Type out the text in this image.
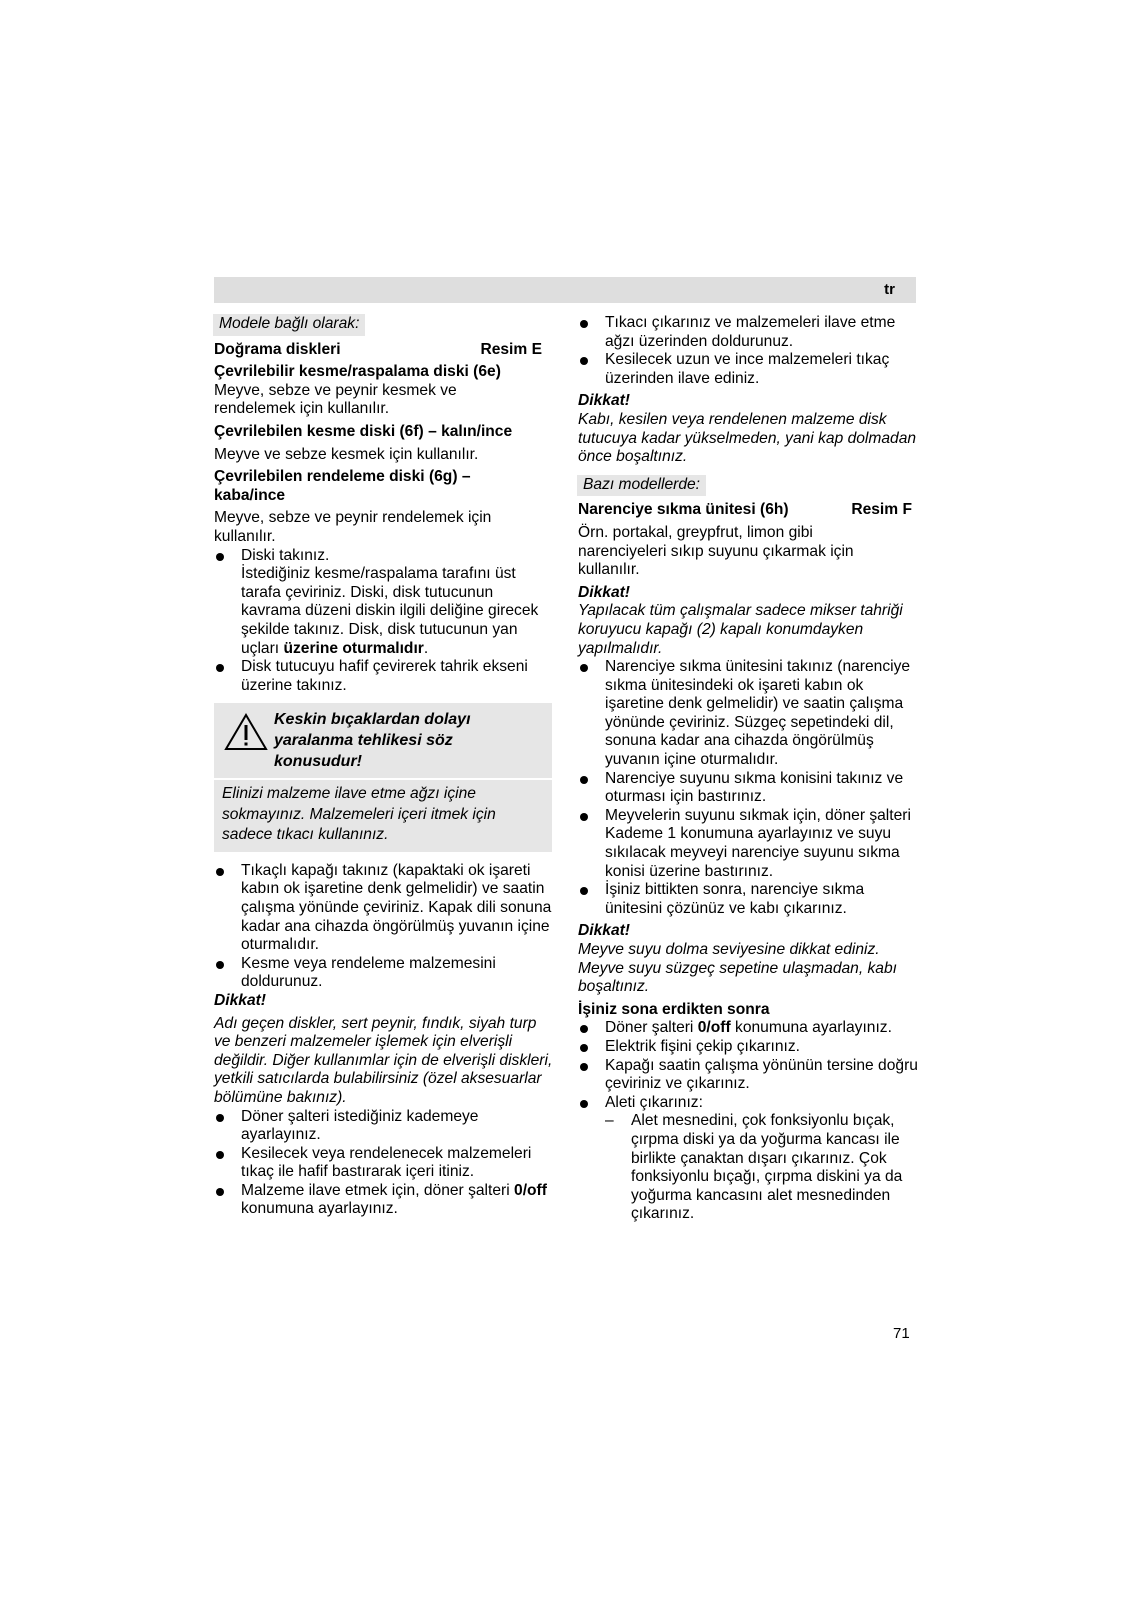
tr
Modele bağlı olarak:

Doğrama diskleri	Resim E

Çevrilebilir kesme/raspalama diski (6e)

Meyve, sebze ve peynir kesmek ve rendelemek için kullanılır.

Çevrilebilen kesme diski (6f) – kalın/ince

Meyve ve sebze kesmek için kullanılır.

Çevrilebilen rendeleme diski (6g) – kaba/ince

Meyve, sebze ve peynir rendelemek için kullanılır.

Diski takınız.
İstediğiniz kesme/raspalama tarafını üst tarafa çeviriniz. Diski, disk tutucunun kavrama düzeni diskin ilgili deliğine girecek şekilde takınız. Disk, disk tutucunun yan uçları üzerine oturmalıdır.
Disk tutucuyu hafif çevirerek tahrik ekseni üzerine takınız.
Keskin bıçaklardan dolayı yaralanma tehlikesi söz konusudur!
Elinizi malzeme ilave etme ağzı içine sokmayınız. Malzemeleri içeri itmek için sadece tıkacı kullanınız.
Tıkaçlı kapağı takınız (kapaktaki ok işareti kabın ok işaretine denk gelmelidir) ve saatin çalışma yönünde çeviriniz. Kapak dili sonuna kadar ana cihazda öngörülmüş yuvanın içine oturmalıdır.
Kesme veya rendeleme malzemesini doldurunuz.

Dikkat!

Adı geçen diskler, sert peynir, fındık, siyah turp ve benzeri malzemeler işlemek için elverişli değildir. Diğer kullanımlar için de elverişli diskleri, yetkili satıcılarda bulabilirsiniz (özel aksesuarlar bölümüne bakınız).

Döner şalteri istediğiniz kademeye ayarlayınız.
Kesilecek veya rendelenecek malzemeleri tıkaç ile hafif bastırarak içeri itiniz.
Malzeme ilave etmek için, döner şalteri 0/off konumuna ayarlayınız.
Tıkacı çıkarınız ve malzemeleri ilave etme ağzı üzerinden doldurunuz.
Kesilecek uzun ve ince malzemeleri tıkaç üzerinden ilave ediniz.

Dikkat!

Kabı, kesilen veya rendelenen malzeme disk tutucuya kadar yükselmeden, yani kap dolmadan önce boşaltınız.

Bazı modellerde:

Narenciye sıkma ünitesi (6h)	Resim F

Örn. portakal, greypfrut, limon gibi narenciyeleri sıkıp suyunu çıkarmak için kullanılır.

Dikkat!

Yapılacak tüm çalışmalar sadece mikser tahriği koruyucu kapağı (2) kapalı konumdayken yapılmalıdır.

Narenciye sıkma ünitesini takınız (narenciye sıkma ünitesindeki ok işareti kabın ok işaretine denk gelmelidir) ve saatin çalışma yönünde çeviriniz. Süzgeç sepetindeki dil, sonuna kadar ana cihazda öngörülmüş yuvanın içine oturmalıdır.
Narenciye suyunu sıkma konisini takınız ve oturması için bastırınız.
Meyvelerin suyunu sıkmak için, döner şalteri Kademe 1 konumuna ayarlayınız ve suyu sıkılacak meyveyi narenciye suyunu sıkma konisi üzerine bastırınız.
İşiniz bittikten sonra, narenciye sıkma ünitesini çözünüz ve kabı çıkarınız.

Dikkat!

Meyve suyu dolma seviyesine dikkat ediniz. Meyve suyu süzgeç sepetine ulaşmadan, kabı boşaltınız.

İşiniz sona erdikten sonra

Döner şalteri 0/off konumuna ayarlayınız.
Elektrik fişini çekip çıkarınız.
Kapağı saatin çalışma yönünün tersine doğru çeviriniz ve çıkarınız.
Aleti çıkarınız:
– Alet mesnedini, çok fonksiyonlu bıçak, çırpma diski ya da yoğurma kancası ile birlikte çanaktan dışarı çıkarınız. Çok fonksiyonlu bıçağı, çırpma diskini ya da yoğurma kancasını alet mesnedinden çıkarınız.
71
